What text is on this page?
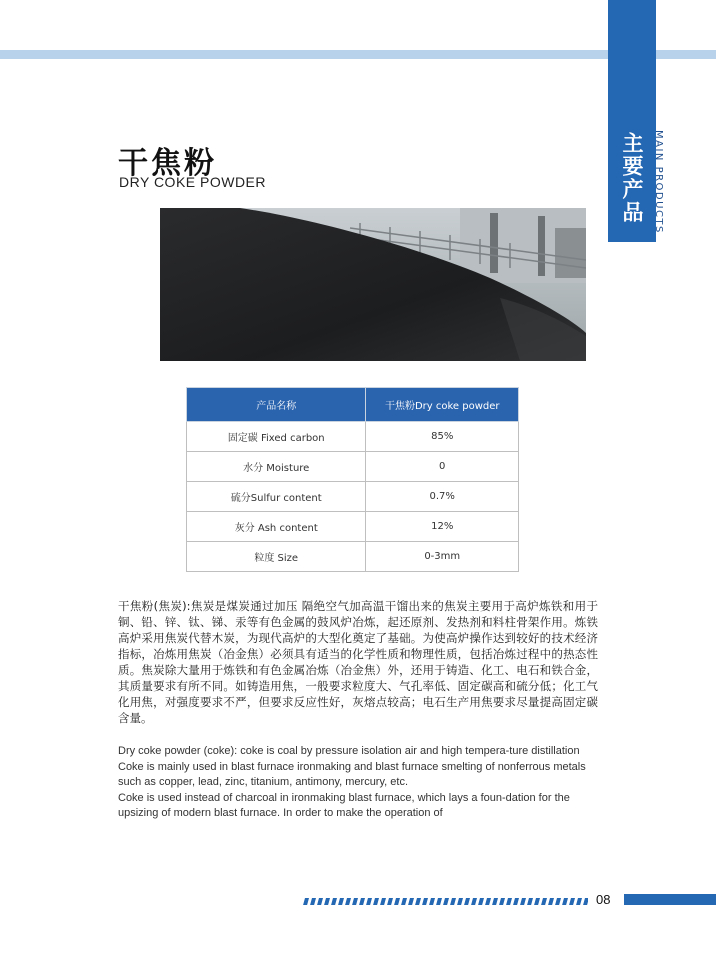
主要产品 MAIN PRODUCTS
干焦粉
DRY COKE POWDER
产品名称	干焦粉Dry coke powder
固定碳 Fixed carbon	85%
水分 Moisture	0
硫分Sulfur content	0.7%
灰分 Ash content	12%
粒度 Size	0-3mm

干焦粉(焦炭):焦炭是煤炭通过加压 隔绝空气加高温干馏出来的焦炭主要用于高炉炼铁和用于铜、铅、锌、钛、锑、汞等有色金属的鼓风炉冶炼，起还原剂、发热剂和料柱骨架作用。炼铁高炉采用焦炭代替木炭，为现代高炉的大型化奠定了基础。为使高炉操作达到较好的技术经济指标，冶炼用焦炭（冶金焦）必须具有适当的化学性质和物理性质，包括冶炼过程中的热态性质。焦炭除大量用于炼铁和有色金属冶炼（冶金焦）外，还用于铸造、化工、电石和铁合金，其质量要求有所不同。如铸造用焦，一般要求粒度大、气孔率低、固定碳高和硫分低；化工气化用焦，对强度要求不严，但要求反应性好，灰熔点较高；电石生产用焦要求尽量提高固定碳含量。

Dry coke powder (coke): coke is coal by pressure isolation air and high tempera-ture distillation

Coke is mainly used in blast furnace ironmaking and blast furnace smelting of nonferrous metals such as copper, lead, zinc, titanium, antimony, mercury, etc.

Coke is used instead of charcoal in ironmaking blast furnace, which lays a foun-dation for the upsizing of modern blast furnace. In order to make the operation of

08
